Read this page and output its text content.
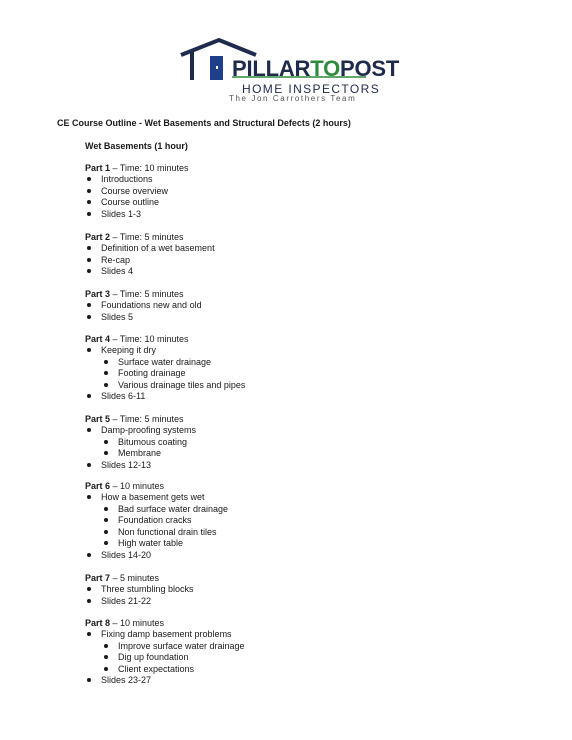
PILLARTOPOST
HOME INSPECTORS
The Jon Carrothers Team
CE Course Outline - Wet Basements and Structural Defects (2 hours)
Wet Basements (1 hour)
Part 1 – Time: 10 minutes
Introductions
Course overview
Course outline
Slides 1-3
Part 2 – Time: 5 minutes
Definition of a wet basement
Re-cap
Slides 4
Part 3 – Time: 5 minutes
Foundations new and old
Slides 5
Part 4 – Time: 10 minutes
Keeping it dry
Surface water drainage
Footing drainage
Various drainage tiles and pipes
Slides 6-11
Part 5 – Time: 5 minutes
Damp-proofing systems
Bitumous coating
Membrane
Slides 12-13
Part 6 – 10 minutes
How a basement gets wet
Bad surface water drainage
Foundation cracks
Non functional drain tiles
High water table
Slides 14-20
Part 7 – 5 minutes
Three stumbling blocks
Slides 21-22
Part 8 – 10 minutes
Fixing damp basement problems
Improve surface water drainage
Dig up foundation
Client expectations
Slides 23-27
